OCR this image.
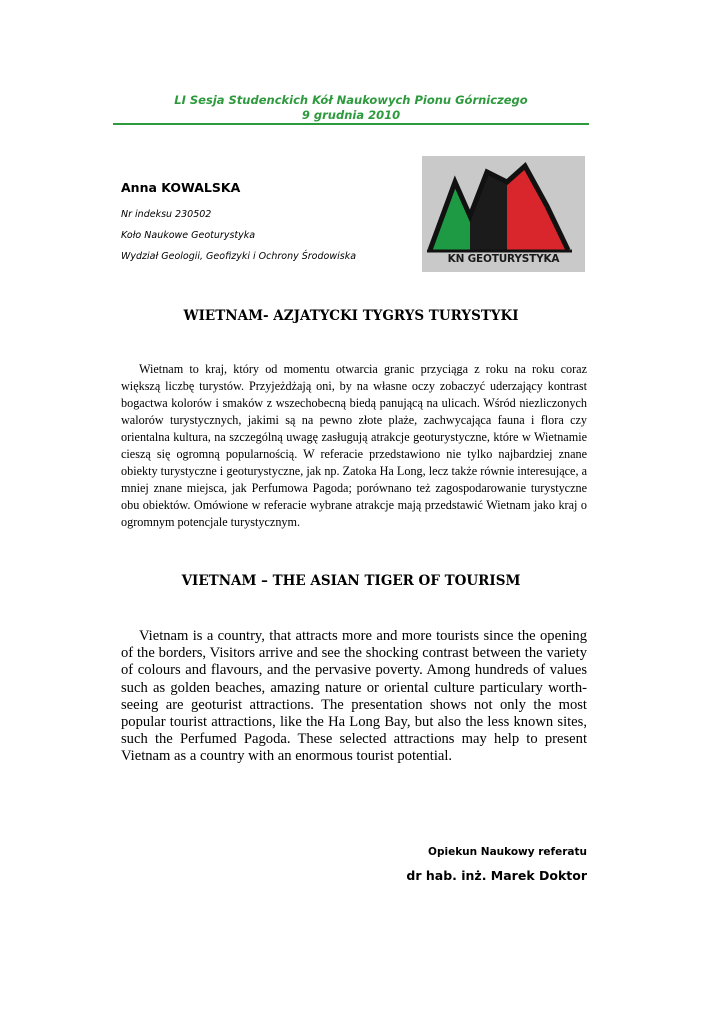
LI Sesja Studenckich Kół Naukowych Pionu Górniczego
9 grudnia 2010

Anna KOWALSKA

Nr indeksu 230502

Koło Naukowe Geoturystyka

Wydział Geologii, Geofizyki i Ochrony Środowiska	KN GEOTURYSTYKA
WIETNAM- AZJATYCKI TYGRYS TURYSTYKI

Wietnam to kraj, który od momentu otwarcia granic przyciąga z roku na roku coraz większą liczbę turystów. Przyjeżdżają oni, by na własne oczy zobaczyć uderzający kontrast bogactwa kolorów i smaków z wszechobecną biedą panującą na ulicach. Wśród niezliczonych walorów turystycznych, jakimi są na pewno złote plaże, zachwycająca fauna i flora czy orientalna kultura, na szczególną uwagę zasługują atrakcje geoturystyczne, które w Wietnamie cieszą się ogromną popularnością. W referacie przedstawiono nie tylko najbardziej znane obiekty turystyczne i geoturystyczne, jak np. Zatoka Ha Long, lecz także równie interesujące, a mniej znane miejsca, jak Perfumowa Pagoda; porównano też zagospodarowanie turystyczne obu obiektów. Omówione w referacie wybrane atrakcje mają przedstawić Wietnam jako kraj o ogromnym potencjale turystycznym.

VIETNAM – THE ASIAN TIGER OF TOURISM

Vietnam is a country, that attracts more and more tourists since the opening of the borders, Visitors arrive and see the shocking contrast between the variety of colours and flavours, and the pervasive poverty. Among hundreds of values such as golden beaches, amazing nature or oriental culture particulary worth-seeing are geoturist attractions. The presentation shows not only the most popular tourist attractions, like the Ha Long Bay, but also the less known sites, such the Perfumed Pagoda. These selected attractions may help to present Vietnam as a country with an enormous tourist potential.

Opiekun Naukowy referatu

dr hab. inż. Marek Doktor
